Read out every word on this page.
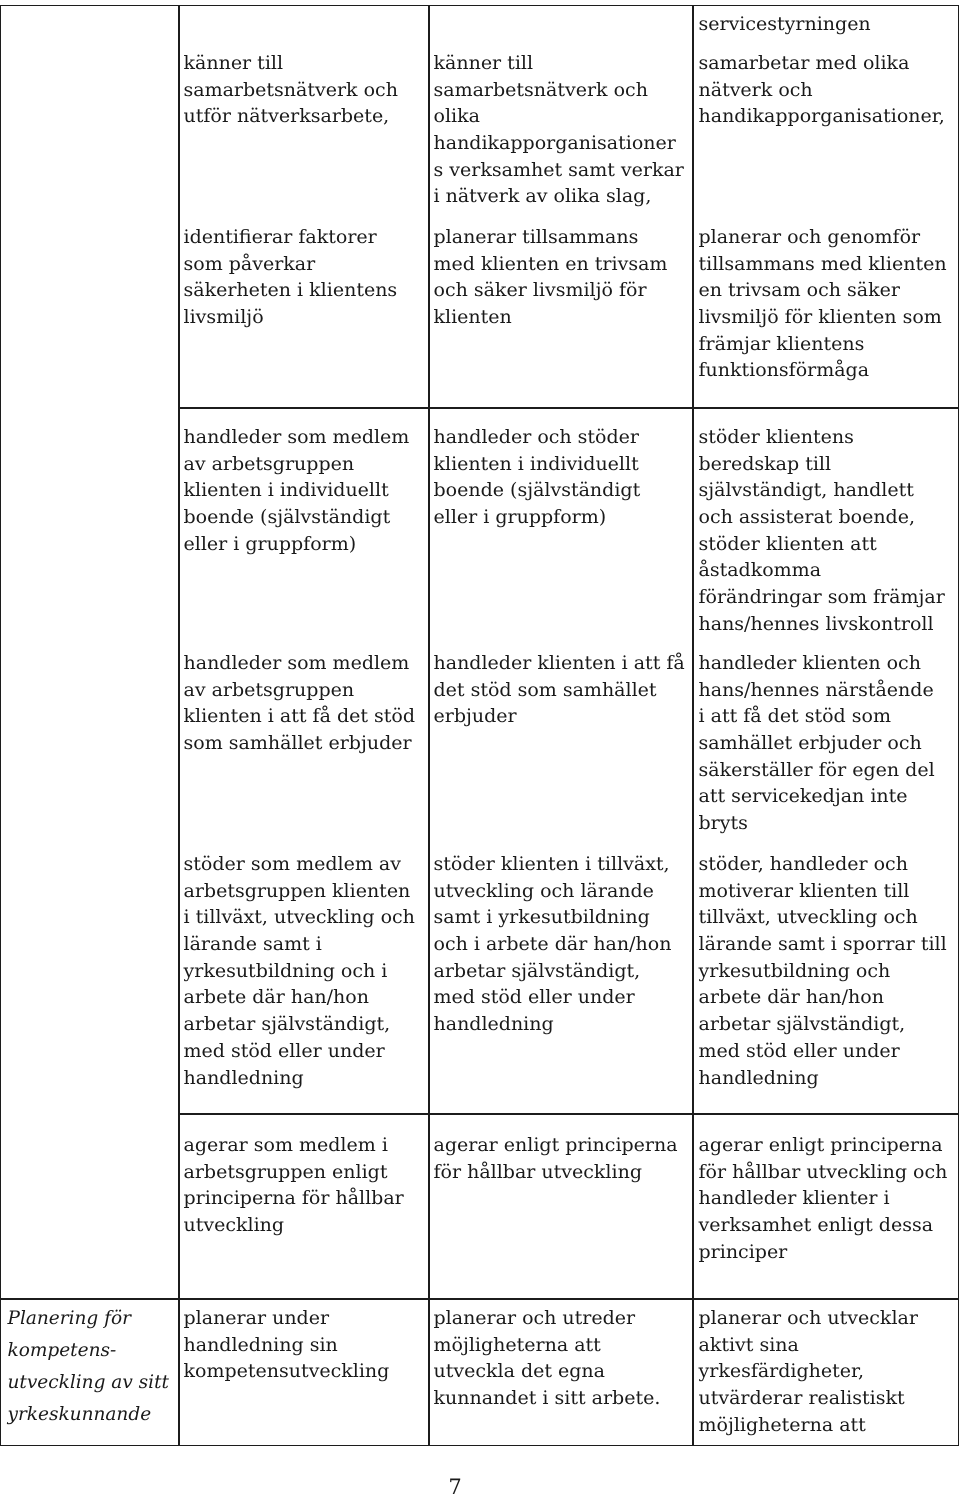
känner till
samarbetsnätverk och
utför nätverksarbete,
identifierar faktorer
som påverkar
säkerheten i klientens
livsmiljö
känner till
samarbetsnätverk och
olika
handikapporganisationer
s verksamhet samt verkar
i nätverk av olika slag,
planerar tillsammans
med klienten en trivsam
och säker livsmiljö för
klienten
servicestyrningen
samarbetar med olika
nätverk och
handikapporganisationer,
planerar och genomför
tillsammans med klienten
en trivsam och säker
livsmiljö för klienten som
främjar klientens
funktionsförmåga
handleder som medlem
av arbetsgruppen
klienten i individuellt
boende (självständigt
eller i gruppform)
handleder som medlem
av arbetsgruppen
klienten i att få det stöd
som samhället erbjuder
stöder som medlem av
arbetsgruppen klienten
i tillväxt, utveckling och
lärande samt i
yrkesutbildning och i
arbete där han/hon
arbetar självständigt,
med stöd eller under
handledning
handleder och stöder
klienten i individuellt
boende (självständigt
eller i gruppform)
handleder klienten i att få
det stöd som samhället
erbjuder
stöder klienten i tillväxt,
utveckling och lärande
samt i yrkesutbildning
och i arbete där han/hon
arbetar självständigt,
med stöd eller under
handledning
stöder klientens
beredskap till
självständigt, handlett
och assisterat boende,
stöder klienten att
åstadkomma
förändringar som främjar
hans/hennes livskontroll
handleder klienten och
hans/hennes närstående
i att få det stöd som
samhället erbjuder och
säkerställer för egen del
att servicekedjan inte
bryts
stöder, handleder och
motiverar klienten till
tillväxt, utveckling och
lärande samt i sporrar till
yrkesutbildning och
arbete där han/hon
arbetar självständigt,
med stöd eller under
handledning
agerar som medlem i
arbetsgruppen enligt
principerna för hållbar
utveckling
agerar enligt principerna
för hållbar utveckling
agerar enligt principerna
för hållbar utveckling och
handleder klienter i
verksamhet enligt dessa
principer
Planering för
kompetens-
utveckling av sitt
yrkeskunnande
planerar under
handledning sin
kompetensutveckling
planerar och utreder
möjligheterna att
utveckla det egna
kunnandet i sitt arbete.
planerar och utvecklar
aktivt sina
yrkesfärdigheter,
utvärderar realistiskt
möjligheterna att
7
